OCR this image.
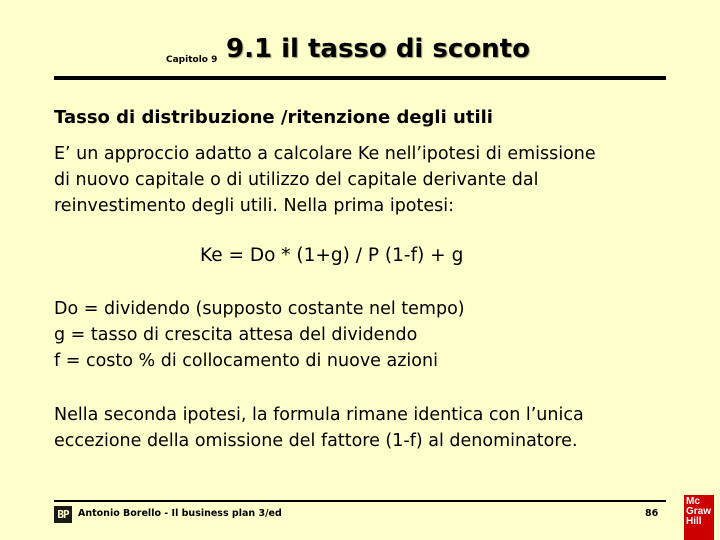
Capitolo 9 9.1 il tasso di sconto
Tasso di distribuzione /ritenzione degli utili

E’ un approccio adatto a calcolare Ke nell’ipotesi di emissione
di nuovo capitale o di utilizzo del capitale derivante dal
reinvestimento degli utili. Nella prima ipotesi:

Ke = Do * (1+g) / P (1-f) + g

Do = dividendo (supposto costante nel tempo)
g = tasso di crescita attesa del dividendo
f = costo % di collocamento di nuove azioni

Nella seconda ipotesi, la formula rimane identica con l’unica
eccezione della omissione del fattore (1-f) al denominatore.

BP Antonio Borello - Il business plan 3/ed	86
Mc
Graw
Hill
